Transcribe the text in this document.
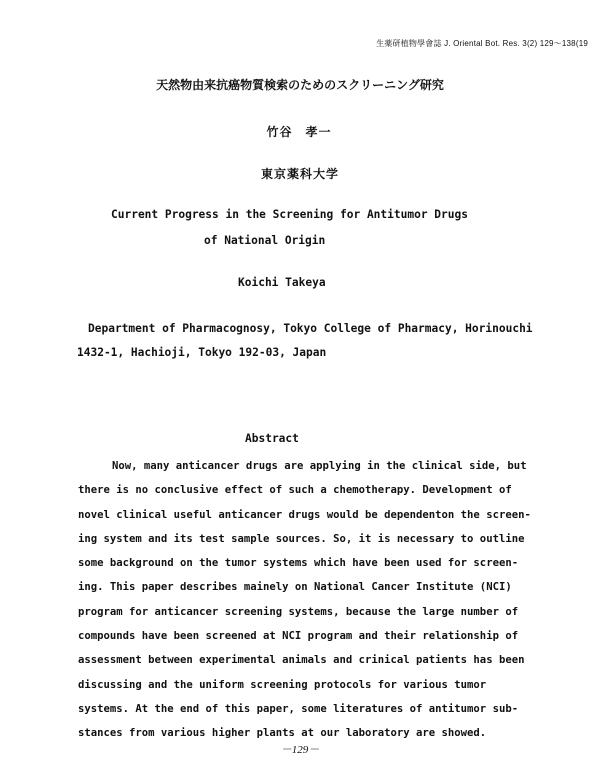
生薬研植物學會誌 J. Oriental Bot. Res. 3(2) 129～138(19
天然物由来抗癌物質検索のためのスクリーニング研究
竹谷　孝一
東京薬科大学
Current Progress in the Screening for Antitumor Drugs
of National Origin
Koichi Takeya
Department of Pharmacognosy, Tokyo College of Pharmacy, Horinouchi
1432-1, Hachioji, Tokyo 192-03, Japan
Abstract
Now, many anticancer drugs are applying in the clinical side, but
there is no conclusive effect of such a chemotherapy. Development of
novel clinical useful anticancer drugs would be dependenton the screen-
ing system and its test sample sources. So, it is necessary to outline
some background on the tumor systems which have been used for screen-
ing. This paper describes mainely on National Cancer Institute (NCI)
program for anticancer screening systems, because the large number of
compounds have been screened at NCI program and their relationship of
assessment between experimental animals and crinical patients has been
discussing and the uniform screening protocols for various tumor
systems. At the end of this paper, some literatures of antitumor sub-
stances from various higher plants at our laboratory are showed.
－129－
